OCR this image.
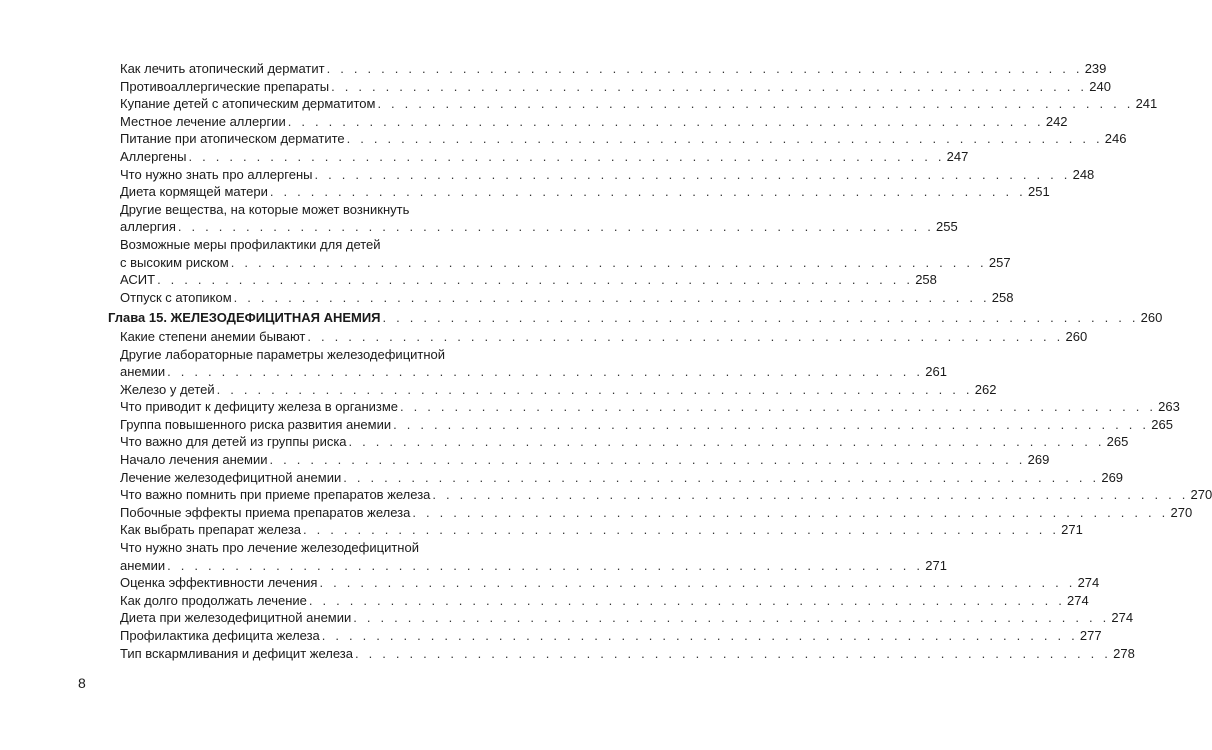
Как лечить атопический дерматит . . . . . . . . . . . . . . . . . . . . . . . . . . . . . . . . . . . . . . . . . . . . . . . . . . . . . . . . 239
Противоаллергические препараты . . . . . . . . . . . . . . . . . . . . . . . . . . . . . . . . . . . . . . . . . . . . . . . . . . . . . . . . 240
Купание детей с атопическим дерматитом . . . . . . . . . . . . . . . . . . . . . . . . . . . . . . . . . . . . . . . . . . . . . . . . . . . . . . . . 241
Местное лечение аллергии . . . . . . . . . . . . . . . . . . . . . . . . . . . . . . . . . . . . . . . . . . . . . . . . . . . . . . . . 242
Питание при атопическом дерматите . . . . . . . . . . . . . . . . . . . . . . . . . . . . . . . . . . . . . . . . . . . . . . . . . . . . . . . . 246
Аллергены . . . . . . . . . . . . . . . . . . . . . . . . . . . . . . . . . . . . . . . . . . . . . . . . . . . . . . . . 247
Что нужно знать про аллергены . . . . . . . . . . . . . . . . . . . . . . . . . . . . . . . . . . . . . . . . . . . . . . . . . . . . . . . . 248
Диета кормящей матери . . . . . . . . . . . . . . . . . . . . . . . . . . . . . . . . . . . . . . . . . . . . . . . . . . . . . . . . 251
Другие вещества, на которые может возникнуть
аллергия . . . . . . . . . . . . . . . . . . . . . . . . . . . . . . . . . . . . . . . . . . . . . . . . . . . . . . . . 255
Возможные меры профилактики для детей
с высоким риском . . . . . . . . . . . . . . . . . . . . . . . . . . . . . . . . . . . . . . . . . . . . . . . . . . . . . . . . 257
АСИТ . . . . . . . . . . . . . . . . . . . . . . . . . . . . . . . . . . . . . . . . . . . . . . . . . . . . . . . . 258
Отпуск с атопиком . . . . . . . . . . . . . . . . . . . . . . . . . . . . . . . . . . . . . . . . . . . . . . . . . . . . . . . . 258
Глава 15. ЖЕЛЕЗОДЕФИЦИТНАЯ АНЕМИЯ . . . . . . . . . . . . . . . . . . . . . . . . . . . . . . . . . . . . . . . . . . . . . . . . . . . . . . . . 260
Какие степени анемии бывают . . . . . . . . . . . . . . . . . . . . . . . . . . . . . . . . . . . . . . . . . . . . . . . . . . . . . . . . 260
Другие лабораторные параметры железодефицитной
анемии . . . . . . . . . . . . . . . . . . . . . . . . . . . . . . . . . . . . . . . . . . . . . . . . . . . . . . . . 261
Железо у детей . . . . . . . . . . . . . . . . . . . . . . . . . . . . . . . . . . . . . . . . . . . . . . . . . . . . . . . . 262
Что приводит к дефициту железа в организме . . . . . . . . . . . . . . . . . . . . . . . . . . . . . . . . . . . . . . . . . . . . . . . . . . . . . . . . 263
Группа повышенного риска развития анемии . . . . . . . . . . . . . . . . . . . . . . . . . . . . . . . . . . . . . . . . . . . . . . . . . . . . . . . . 265
Что важно для детей из группы риска . . . . . . . . . . . . . . . . . . . . . . . . . . . . . . . . . . . . . . . . . . . . . . . . . . . . . . . . 265
Начало лечения анемии . . . . . . . . . . . . . . . . . . . . . . . . . . . . . . . . . . . . . . . . . . . . . . . . . . . . . . . . 269
Лечение железодефицитной анемии . . . . . . . . . . . . . . . . . . . . . . . . . . . . . . . . . . . . . . . . . . . . . . . . . . . . . . . . 269
Что важно помнить при приеме препаратов железа . . . . . . . . . . . . . . . . . . . . . . . . . . . . . . . . . . . . . . . . . . . . . . . . . . . . . . . . 270
Побочные эффекты приема препаратов железа . . . . . . . . . . . . . . . . . . . . . . . . . . . . . . . . . . . . . . . . . . . . . . . . . . . . . . . . 270
Как выбрать препарат железа . . . . . . . . . . . . . . . . . . . . . . . . . . . . . . . . . . . . . . . . . . . . . . . . . . . . . . . . 271
Что нужно знать про лечение железодефицитной
анемии . . . . . . . . . . . . . . . . . . . . . . . . . . . . . . . . . . . . . . . . . . . . . . . . . . . . . . . . 271
Оценка эффективности лечения . . . . . . . . . . . . . . . . . . . . . . . . . . . . . . . . . . . . . . . . . . . . . . . . . . . . . . . . 274
Как долго продолжать лечение . . . . . . . . . . . . . . . . . . . . . . . . . . . . . . . . . . . . . . . . . . . . . . . . . . . . . . . . 274
Диета при железодефицитной анемии . . . . . . . . . . . . . . . . . . . . . . . . . . . . . . . . . . . . . . . . . . . . . . . . . . . . . . . . 274
Профилактика дефицита железа . . . . . . . . . . . . . . . . . . . . . . . . . . . . . . . . . . . . . . . . . . . . . . . . . . . . . . . . 277
Тип вскармливания и дефицит железа . . . . . . . . . . . . . . . . . . . . . . . . . . . . . . . . . . . . . . . . . . . . . . . . . . . . . . . . 278
8
